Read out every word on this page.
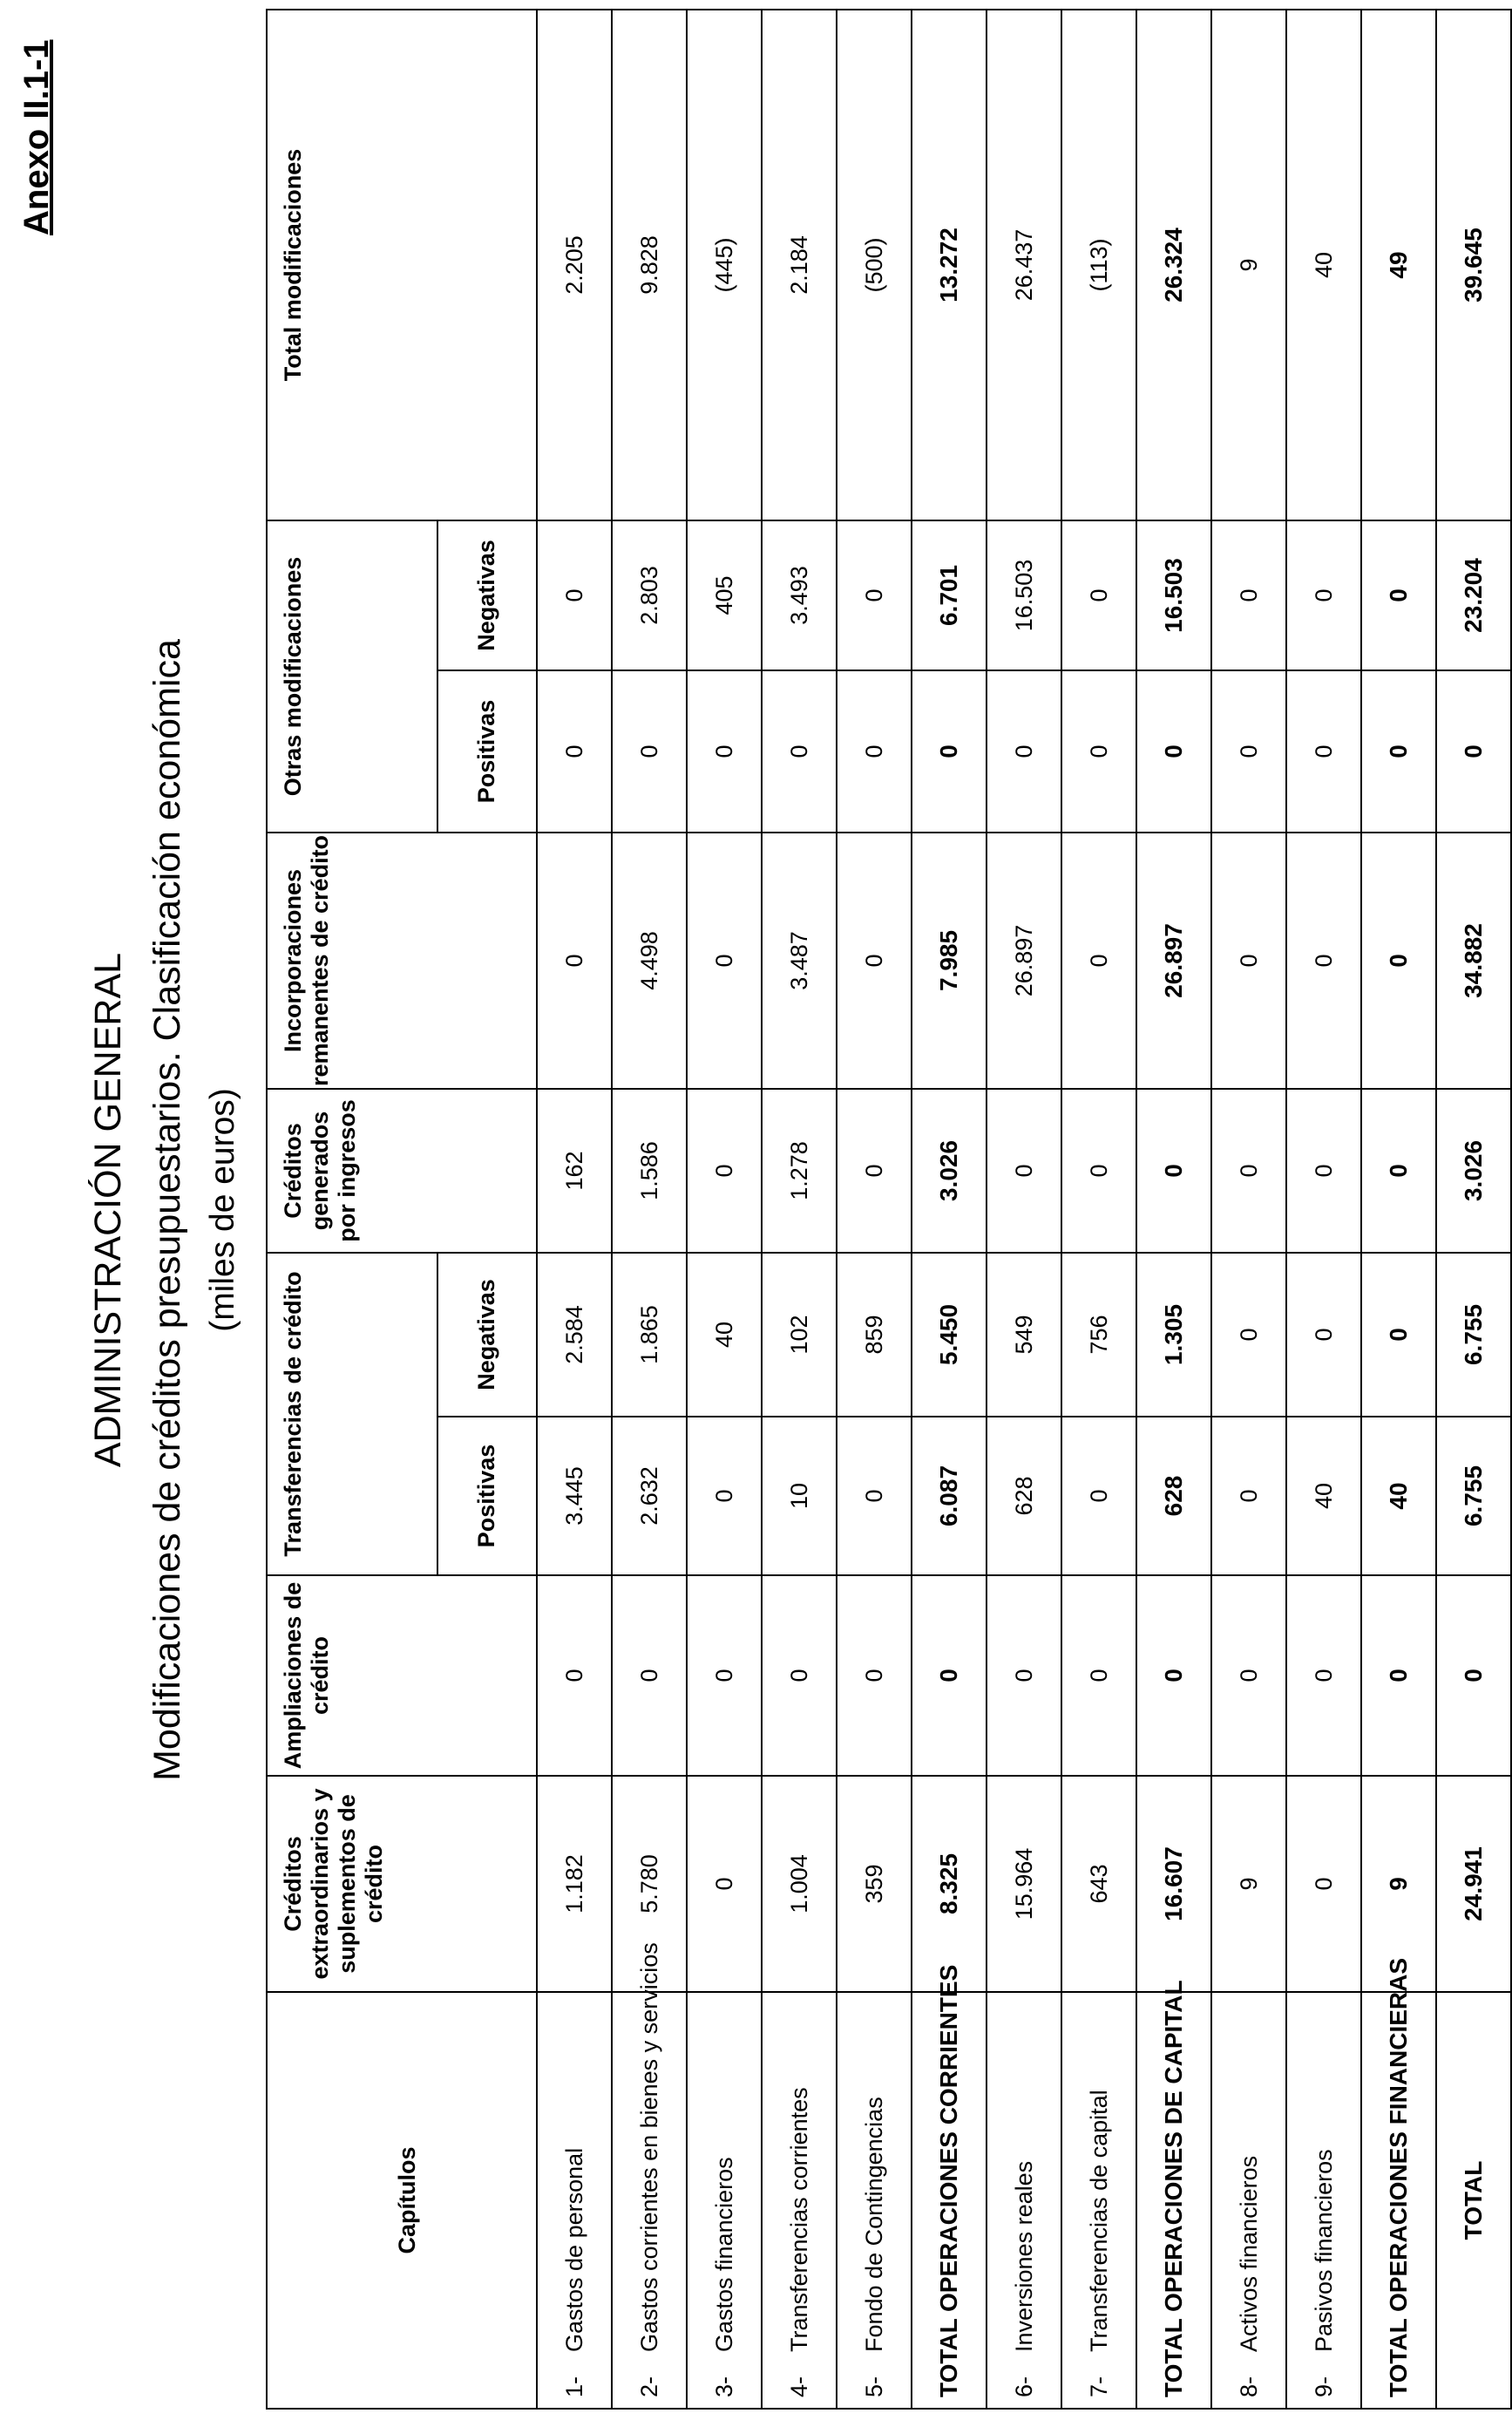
Anexo II.1-1
ADMINISTRACIÓN GENERAL Modificaciones de créditos presupuestarios. Clasificación económica (miles de euros)
Capítulos	Créditos extraordinarios y suplementos de crédito	Ampliaciones de crédito	Transferencias de crédito		Créditos generados por ingresos	Incorporaciones remanentes de crédito	Otras modificaciones		Total modificaciones
			Positivas	Negativas			Positivas	Negativas	
1-Gastos de personal	1.182	0	3.445	2.584	162	0	0	0	2.205
2-Gastos corrientes en bienes y servicios	5.780	0	2.632	1.865	1.586	4.498	0	2.803	9.828
3-Gastos financieros	0	0	0	40	0	0	0	405	(445)
4-Transferencias corrientes	1.004	0	10	102	1.278	3.487	0	3.493	2.184
5-Fondo de Contingencias	359	0	0	859	0	0	0	0	(500)
TOTAL OPERACIONES CORRIENTES	8.325	0	6.087	5.450	3.026	7.985	0	6.701	13.272
6-Inversiones reales	15.964	0	628	549	0	26.897	0	16.503	26.437
7-Transferencias de capital	643	0	0	756	0	0	0	0	(113)
TOTAL OPERACIONES DE CAPITAL	16.607	0	628	1.305	0	26.897	0	16.503	26.324
8-Activos financieros	9	0	0	0	0	0	0	0	9
9-Pasivos financieros	0	0	40	0	0	0	0	0	40
TOTAL OPERACIONES FINANCIERAS	9	0	40	0	0	0	0	0	49
TOTAL	24.941	0	6.755	6.755	3.026	34.882	0	23.204	39.645
